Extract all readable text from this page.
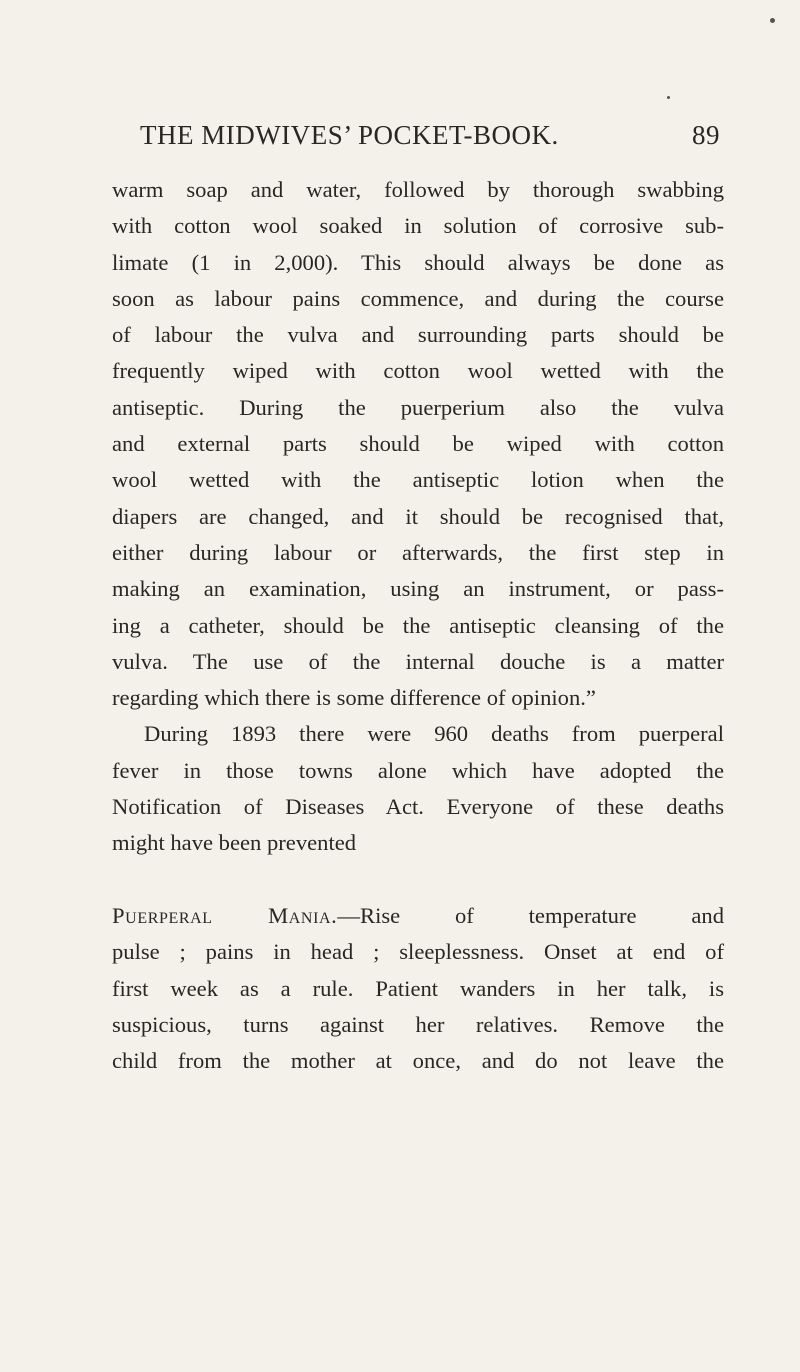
THE MIDWIVES’ POCKET-BOOK.	89
warm soap and water, followed by thorough swabbing
with cotton wool soaked in solution of corrosive sub-
limate (1 in 2,000). This should always be done as
soon as labour pains commence, and during the course
of labour the vulva and surrounding parts should be
frequently wiped with cotton wool wetted with the
antiseptic. During the puerperium also the vulva
and external parts should be wiped with cotton
wool wetted with the antiseptic lotion when the
diapers are changed, and it should be recognised that,
either during labour or afterwards, the first step in
making an examination, using an instrument, or pass-
ing a catheter, should be the antiseptic cleansing of the
vulva. The use of the internal douche is a matter
regarding which there is some difference of opinion.”
During 1893 there were 960 deaths from puerperal
fever in those towns alone which have adopted the
Notification of Diseases Act. Everyone of these deaths
might have been prevented
Puerperal Mania.—Rise of temperature and
pulse ; pains in head ; sleeplessness. Onset at end of
first week as a rule. Patient wanders in her talk, is
suspicious, turns against her relatives. Remove the
child from the mother at once, and do not leave the
